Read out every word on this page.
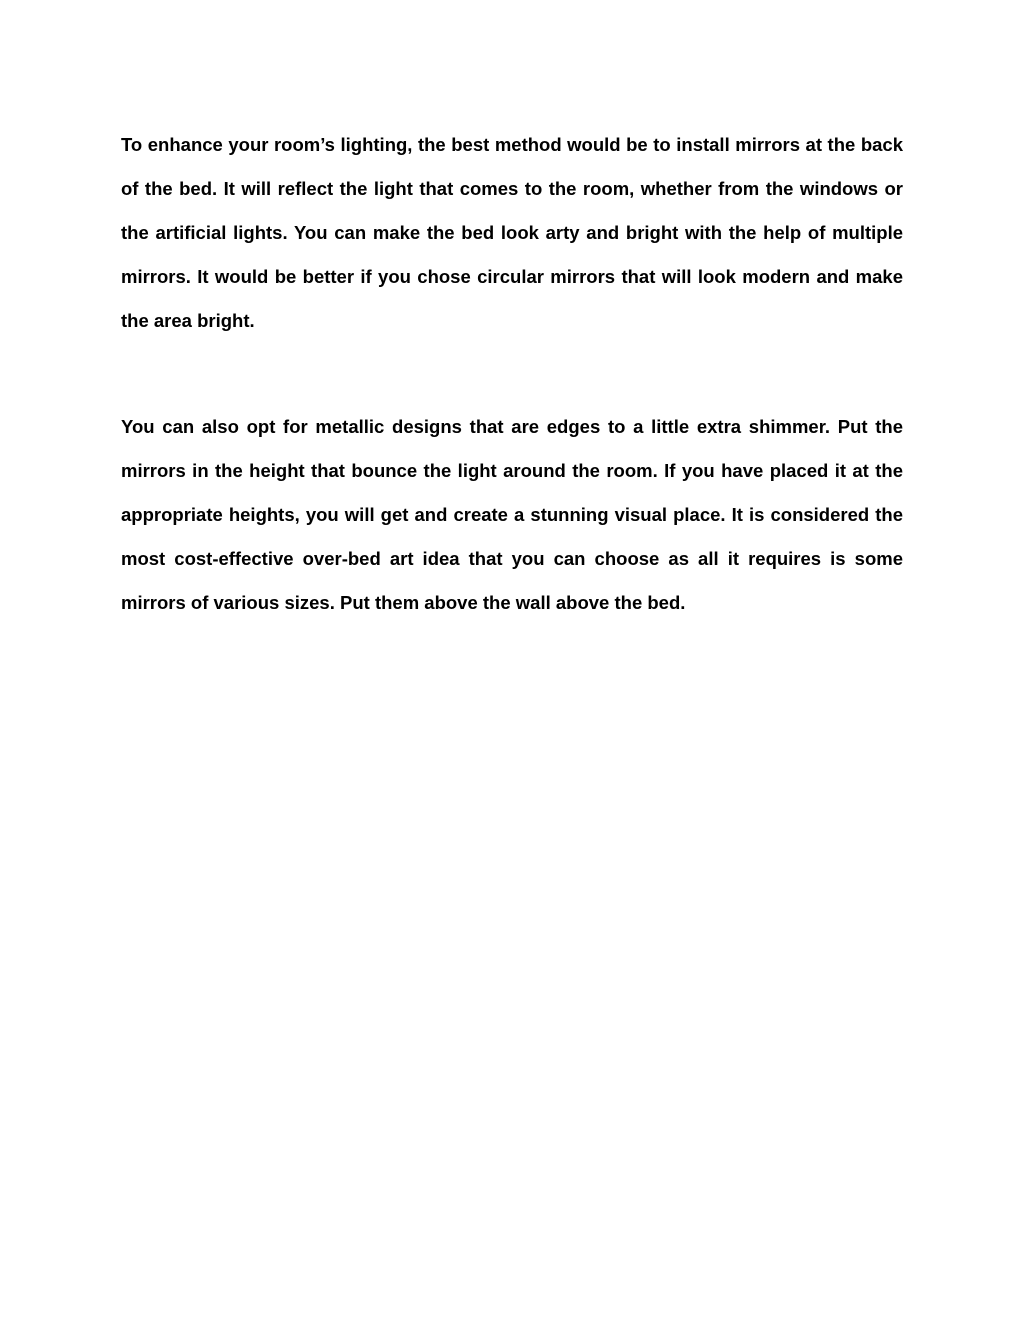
To enhance your room’s lighting, the best method would be to install mirrors at the back of the bed. It will reflect the light that comes to the room, whether from the windows or the artificial lights. You can make the bed look arty and bright with the help of multiple mirrors. It would be better if you chose circular mirrors that will look modern and make the area bright.

You can also opt for metallic designs that are edges to a little extra shimmer. Put the mirrors in the height that bounce the light around the room. If you have placed it at the appropriate heights, you will get and create a stunning visual place. It is considered the most cost-effective over-bed art idea that you can choose as all it requires is some mirrors of various sizes. Put them above the wall above the bed.
